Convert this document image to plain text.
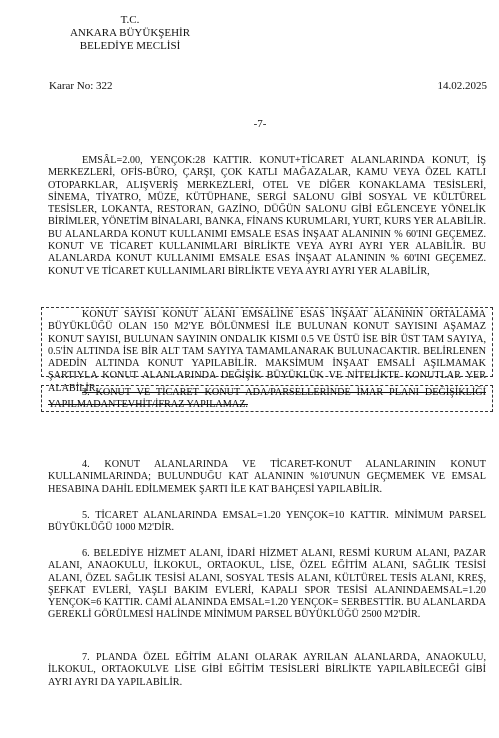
T.C.
ANKARA BÜYÜKŞEHİR
BELEDİYE MECLİSİ
Karar No: 322	14.02.2025
-7-
EMSÂL=2.00, YENÇOK:28 KATTIR. KONUT+TİCARET ALANLARINDA KONUT, İŞ MERKEZLERİ, OFİS-BÜRO, ÇARŞI, ÇOK KATLI MAĞAZALAR, KAMU VEYA ÖZEL KATLI OTOPARKLAR, ALIŞVERİŞ MERKEZLERİ, OTEL VE DİĞER KONAKLAMA TESİSLERİ, SİNEMA, TİYATRO, MÜZE, KÜTÜPHANE, SERGİ SALONU GİBİ SOSYAL VE KÜLTÜREL TESİSLER, LOKANTA, RESTORAN, GAZİNO, DÜĞÜN SALONU GİBİ EĞLENCEYE YÖNELİK BİRİMLER, YÖNETİM BİNALARI, BANKA, FİNANS KURUMLARI, YURT, KURS YER ALABİLİR. BU ALANLARDA KONUT KULLANIMI EMSALE ESAS İNŞAAT ALANININ % 60'INI GEÇEMEZ. KONUT VE TİCARET KULLANIMLARI BİRLİKTE VEYA AYRI AYRI YER ALABİLİR. BU ALANLARDA KONUT KULLANIMI EMSALE ESAS İNŞAAT ALANININ % 60'INI GEÇEMEZ. KONUT VE TİCARET KULLANIMLARI BİRLİKTE VEYA AYRI AYRI YER ALABİLİR,
KONUT SAYISI KONUT ALANI EMSALİNE ESAS İNŞAAT ALANININ ORTALAMA BÜYÜKLÜĞÜ OLAN 150 M2'YE BÖLÜNMESİ İLE BULUNAN KONUT SAYISINI AŞAMAZ KONUT SAYISI, BULUNAN SAYININ ONDALIK KISMI 0.5 VE ÜSTÜ İSE BİR ÜST TAM SAYIYA, 0.5'İN ALTINDA İSE BİR ALT TAM SAYIYA TAMAMLANARAK BULUNACAKTIR. BELİRLENEN ADEDİN ALTINDA KONUT YAPILABİLİR. MAKSİMUM İNŞAAT EMSALİ AŞILMAMAK ŞARTIYLA KONUT ALANLARINDA DEĞİŞİK BÜYÜKLÜK VE NİTELİKTE KONUTLAR YER ALABİLİR.
3. KONUT VE TİCARET KONUT ADA/PARSELLERİNDE İMAR PLANI DEĞİŞİKLİĞİ YAPILMADANTEVHİT/İFRAZ YAPILAMAZ.
4. KONUT ALANLARINDA VE TİCARET-KONUT ALANLARININ KONUT KULLANIMLARINDA; BULUNDUĞU KAT ALANININ %10'UNUN GEÇMEMEK VE EMSAL HESABINA DAHİL EDİLMEMEK ŞARTI İLE KAT BAHÇESİ YAPILABİLİR.
5. TİCARET ALANLARINDA EMSAL=1.20 YENÇOK=10 KATTIR. MİNİMUM PARSEL BÜYÜKLÜĞÜ 1000 M2'DİR.
6. BELEDİYE HİZMET ALANI, İDARİ HİZMET ALANI, RESMİ KURUM ALANI, PAZAR ALANI, ANAOKULU, İLKOKUL, ORTAOKUL, LİSE, ÖZEL EĞİTİM ALANI, SAĞLIK TESİSİ ALANI, ÖZEL SAĞLIK TESİSİ ALANI, SOSYAL TESİS ALANI, KÜLTÜREL TESİS ALANI, KREŞ, ŞEFKAT EVLERİ, YAŞLI BAKIM EVLERİ, KAPALI SPOR TESİSİ ALANINDAEMSAL=1.20 YENÇOK=6 KATTIR. CAMİ ALANINDA EMSAL=1.20 YENÇOK= SERBESTTİR. BU ALANLARDA GEREKLİ GÖRÜLMESİ HALİNDE MİNİMUM PARSEL BÜYÜKLÜĞÜ 2500 M2'DİR.
7. PLANDA ÖZEL EĞİTİM ALANI OLARAK AYRILAN ALANLARDA, ANAOKULU, İLKOKUL, ORTAOKULVE LİSE GİBİ EĞİTİM TESİSLERİ BİRLİKTE YAPILABİLECEĞİ GİBİ AYRI AYRI DA YAPILABİLİR.
